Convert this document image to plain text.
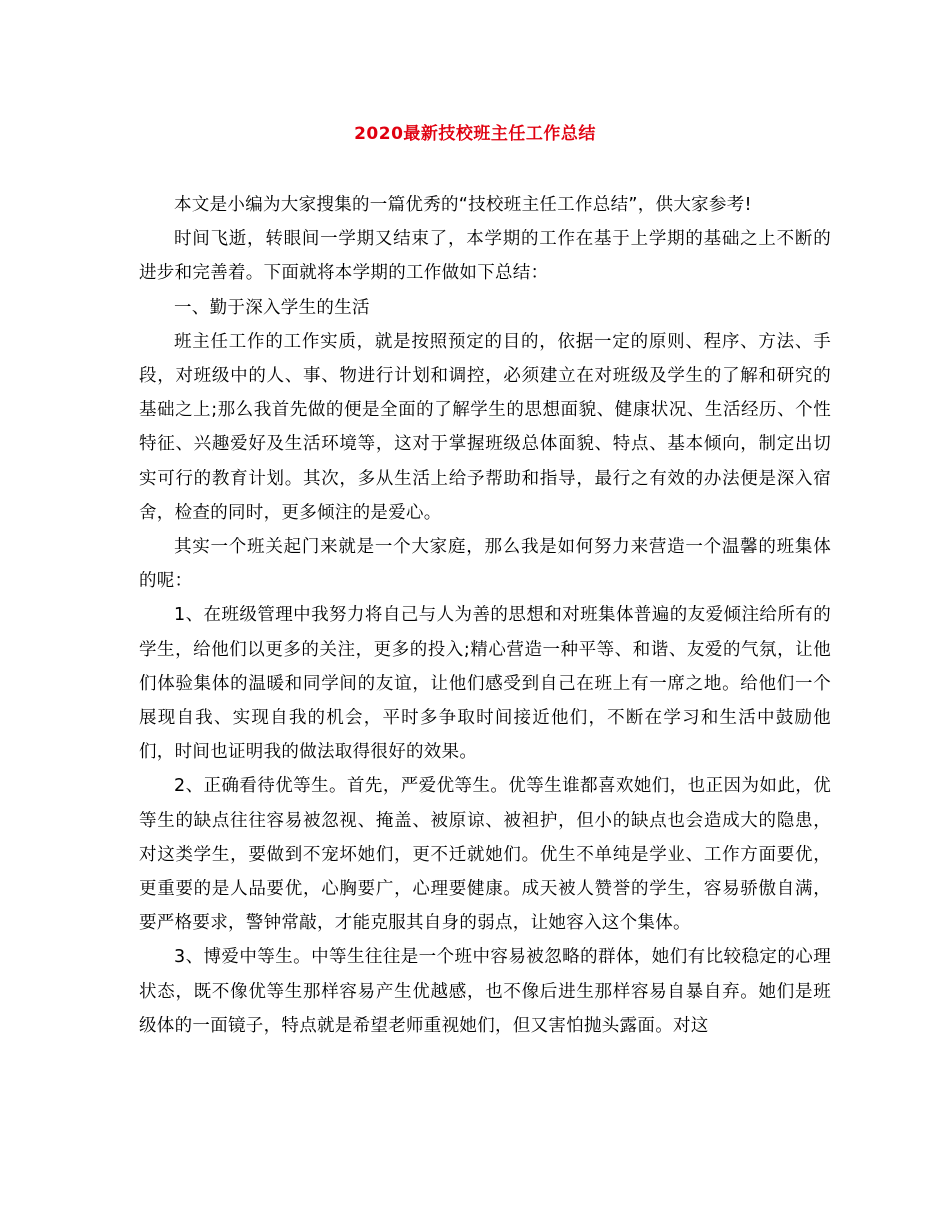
2020最新技校班主任工作总结

本文是小编为大家搜集的一篇优秀的“技校班主任工作总结”，供大家参考!

时间飞逝，转眼间一学期又结束了，本学期的工作在基于上学期的基础之上不断的进步和完善着。下面就将本学期的工作做如下总结：

一、勤于深入学生的生活

班主任工作的工作实质，就是按照预定的目的，依据一定的原则、程序、方法、手段，对班级中的人、事、物进行计划和调控，必须建立在对班级及学生的了解和研究的基础之上;那么我首先做的便是全面的了解学生的思想面貌、健康状况、生活经历、个性特征、兴趣爱好及生活环境等，这对于掌握班级总体面貌、特点、基本倾向，制定出切实可行的教育计划。其次，多从生活上给予帮助和指导，最行之有效的办法便是深入宿舍，检查的同时，更多倾注的是爱心。

其实一个班关起门来就是一个大家庭，那么我是如何努力来营造一个温馨的班集体的呢：

1、在班级管理中我努力将自己与人为善的思想和对班集体普遍的友爱倾注给所有的学生，给他们以更多的关注，更多的投入;精心营造一种平等、和谐、友爱的气氛，让他们体验集体的温暖和同学间的友谊，让他们感受到自己在班上有一席之地。给他们一个展现自我、实现自我的机会，平时多争取时间接近他们，不断在学习和生活中鼓励他们，时间也证明我的做法取得很好的效果。

2、正确看待优等生。首先，严爱优等生。优等生谁都喜欢她们，也正因为如此，优等生的缺点往往容易被忽视、掩盖、被原谅、被袒护，但小的缺点也会造成大的隐患，对这类学生，要做到不宠坏她们，更不迁就她们。优生不单纯是学业、工作方面要优，更重要的是人品要优，心胸要广，心理要健康。成天被人赞誉的学生，容易骄傲自满，要严格要求，警钟常敲，才能克服其自身的弱点，让她容入这个集体。

3、博爱中等生。中等生往往是一个班中容易被忽略的群体，她们有比较稳定的心理状态，既不像优等生那样容易产生优越感，也不像后进生那样容易自暴自弃。她们是班级体的一面镜子，特点就是希望老师重视她们，但又害怕抛头露面。对这
